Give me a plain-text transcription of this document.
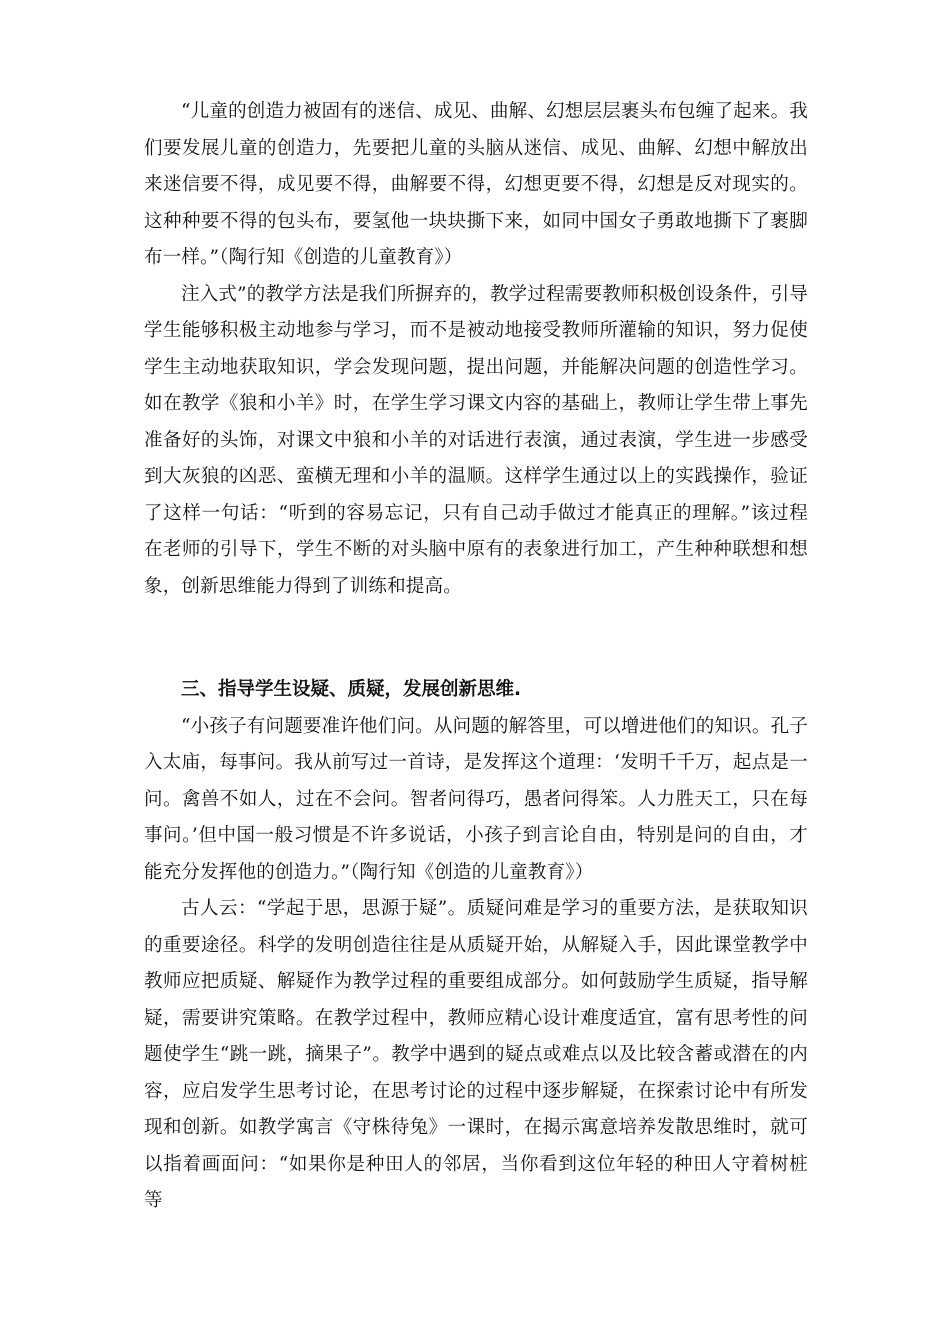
“儿童的创造力被固有的迷信、成见、曲解、幻想层层裹头布包缠了起来。我们要发展儿童的创造力，先要把儿童的头脑从迷信、成见、曲解、幻想中解放出来迷信要不得，成见要不得，曲解要不得，幻想更要不得，幻想是反对现实的。这种种要不得的包头布，要氢他一块块撕下来，如同中国女子勇敢地撕下了裹脚布一样。”（陶行知《创造的儿童教育》）

注入式”的教学方法是我们所摒弃的，教学过程需要教师积极创设条件，引导学生能够积极主动地参与学习，而不是被动地接受教师所灌输的知识，努力促使学生主动地获取知识，学会发现问题，提出问题，并能解决问题的创造性学习。如在教学《狼和小羊》时，在学生学习课文内容的基础上，教师让学生带上事先准备好的头饰，对课文中狼和小羊的对话进行表演，通过表演，学生进一步感受到大灰狼的凶恶、蛮横无理和小羊的温顺。这样学生通过以上的实践操作，验证了这样一句话：“听到的容易忘记，只有自己动手做过才能真正的理解。”该过程在老师的引导下，学生不断的对头脑中原有的表象进行加工，产生种种联想和想象，创新思维能力得到了训练和提高。

三、指导学生设疑、质疑，发展创新思维.

“小孩子有问题要准许他们问。从问题的解答里，可以增进他们的知识。孔子入太庙，每事问。我从前写过一首诗，是发挥这个道理：‘发明千千万，起点是一问。禽兽不如人，过在不会问。智者问得巧，愚者问得笨。人力胜天工，只在每事问。’但中国一般习惯是不许多说话，小孩子到言论自由，特别是问的自由，才能充分发挥他的创造力。”（陶行知《创造的儿童教育》）

古人云：“学起于思，思源于疑”。质疑问难是学习的重要方法，是获取知识的重要途径。科学的发明创造往往是从质疑开始，从解疑入手，因此课堂教学中教师应把质疑、解疑作为教学过程的重要组成部分。如何鼓励学生质疑，指导解疑，需要讲究策略。在教学过程中，教师应精心设计难度适宜，富有思考性的问题使学生“跳一跳，摘果子”。教学中遇到的疑点或难点以及比较含蓄或潜在的内容，应启发学生思考讨论，在思考讨论的过程中逐步解疑，在探索讨论中有所发现和创新。如教学寓言《守株待兔》一课时，在揭示寓意培养发散思维时，就可以指着画面问：“如果你是种田人的邻居，当你看到这位年轻的种田人守着树桩等
